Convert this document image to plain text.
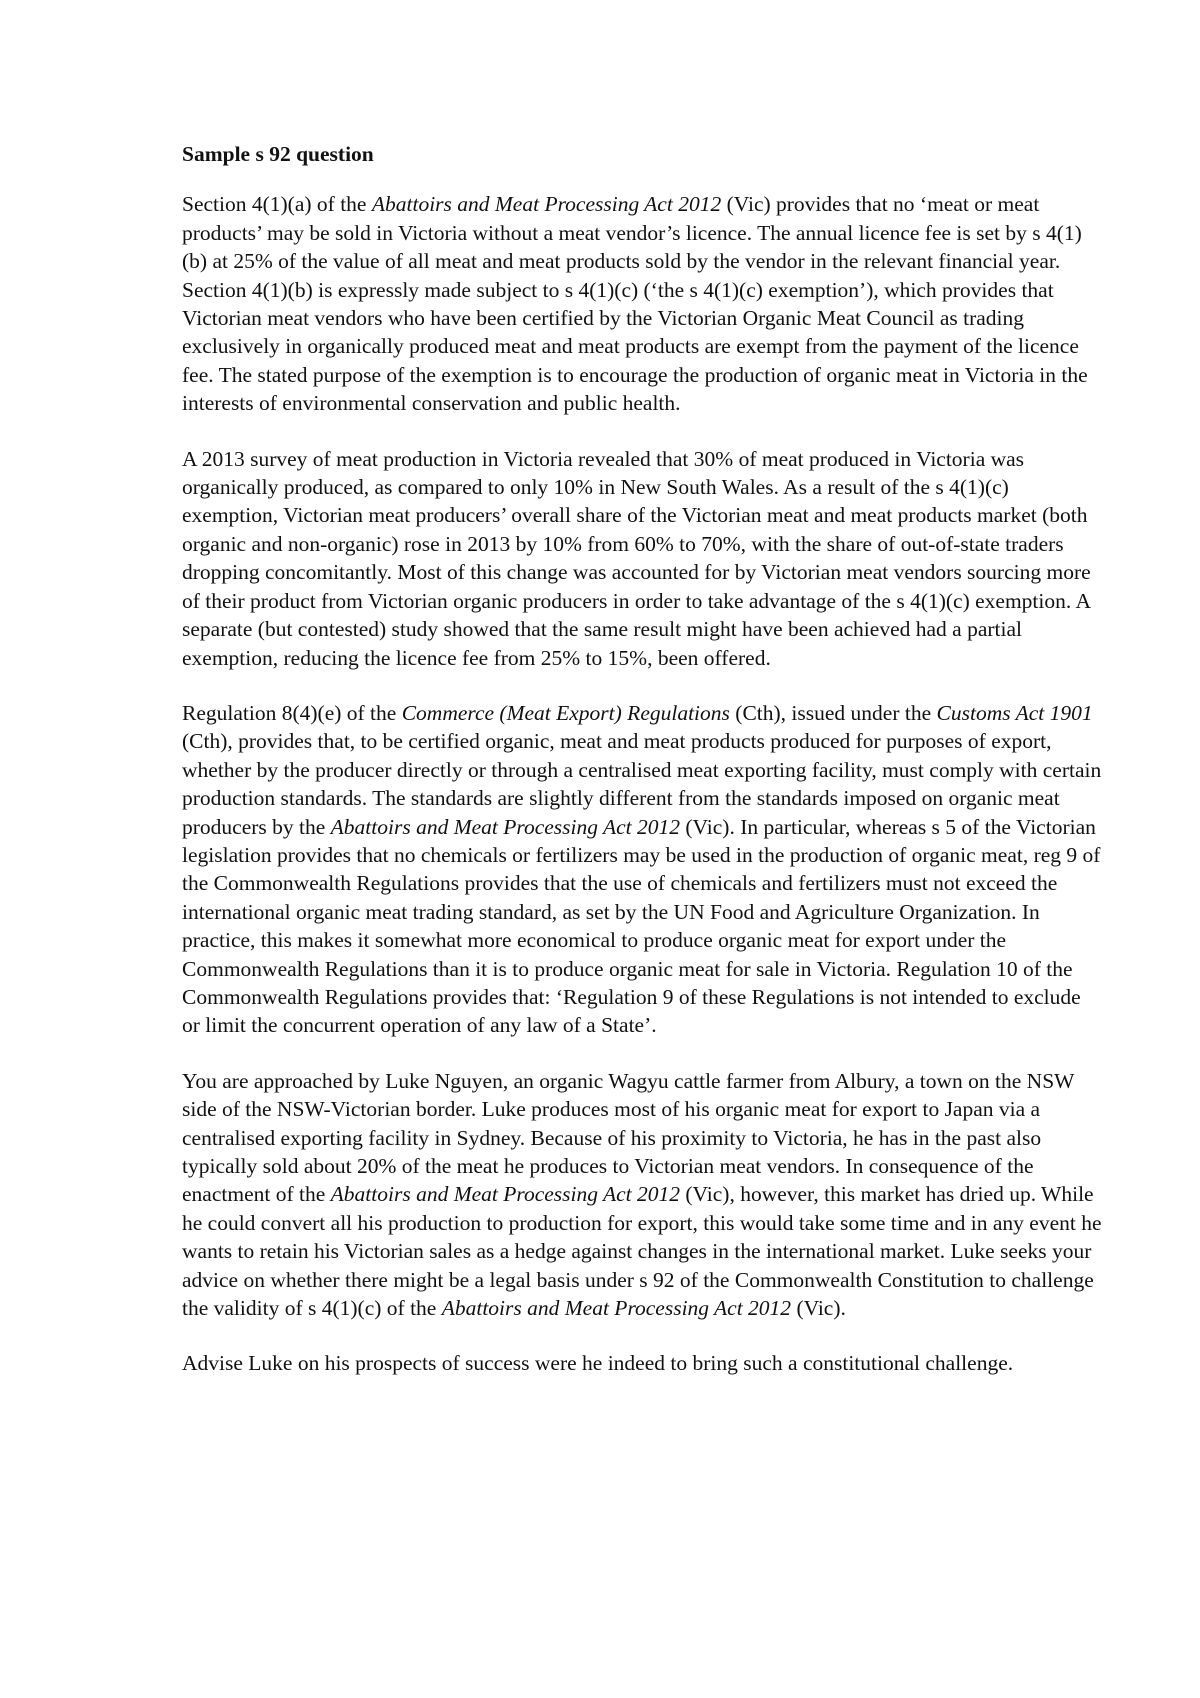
Sample s 92 question

Section 4(1)(a) of the Abattoirs and Meat Processing Act 2012 (Vic) provides that no ‘meat or meat products’ may be sold in Victoria without a meat vendor’s licence. The annual licence fee is set by s 4(1)(b) at 25% of the value of all meat and meat products sold by the vendor in the relevant financial year. Section 4(1)(b) is expressly made subject to s 4(1)(c) (‘the s 4(1)(c) exemption’), which provides that Victorian meat vendors who have been certified by the Victorian Organic Meat Council as trading exclusively in organically produced meat and meat products are exempt from the payment of the licence fee. The stated purpose of the exemption is to encourage the production of organic meat in Victoria in the interests of environmental conservation and public health.

A 2013 survey of meat production in Victoria revealed that 30% of meat produced in Victoria was organically produced, as compared to only 10% in New South Wales. As a result of the s 4(1)(c) exemption, Victorian meat producers’ overall share of the Victorian meat and meat products market (both organic and non-organic) rose in 2013 by 10% from 60% to 70%, with the share of out-of-state traders dropping concomitantly. Most of this change was accounted for by Victorian meat vendors sourcing more of their product from Victorian organic producers in order to take advantage of the s 4(1)(c) exemption. A separate (but contested) study showed that the same result might have been achieved had a partial exemption, reducing the licence fee from 25% to 15%, been offered.

Regulation 8(4)(e) of the Commerce (Meat Export) Regulations (Cth), issued under the Customs Act 1901 (Cth), provides that, to be certified organic, meat and meat products produced for purposes of export, whether by the producer directly or through a centralised meat exporting facility, must comply with certain production standards. The standards are slightly different from the standards imposed on organic meat producers by the Abattoirs and Meat Processing Act 2012 (Vic). In particular, whereas s 5 of the Victorian legislation provides that no chemicals or fertilizers may be used in the production of organic meat, reg 9 of the Commonwealth Regulations provides that the use of chemicals and fertilizers must not exceed the international organic meat trading standard, as set by the UN Food and Agriculture Organization. In practice, this makes it somewhat more economical to produce organic meat for export under the Commonwealth Regulations than it is to produce organic meat for sale in Victoria. Regulation 10 of the Commonwealth Regulations provides that: ‘Regulation 9 of these Regulations is not intended to exclude or limit the concurrent operation of any law of a State’.

You are approached by Luke Nguyen, an organic Wagyu cattle farmer from Albury, a town on the NSW side of the NSW-Victorian border. Luke produces most of his organic meat for export to Japan via a centralised exporting facility in Sydney. Because of his proximity to Victoria, he has in the past also typically sold about 20% of the meat he produces to Victorian meat vendors. In consequence of the enactment of the Abattoirs and Meat Processing Act 2012 (Vic), however, this market has dried up. While he could convert all his production to production for export, this would take some time and in any event he wants to retain his Victorian sales as a hedge against changes in the international market. Luke seeks your advice on whether there might be a legal basis under s 92 of the Commonwealth Constitution to challenge the validity of s 4(1)(c) of the Abattoirs and Meat Processing Act 2012 (Vic).

Advise Luke on his prospects of success were he indeed to bring such a constitutional challenge.
